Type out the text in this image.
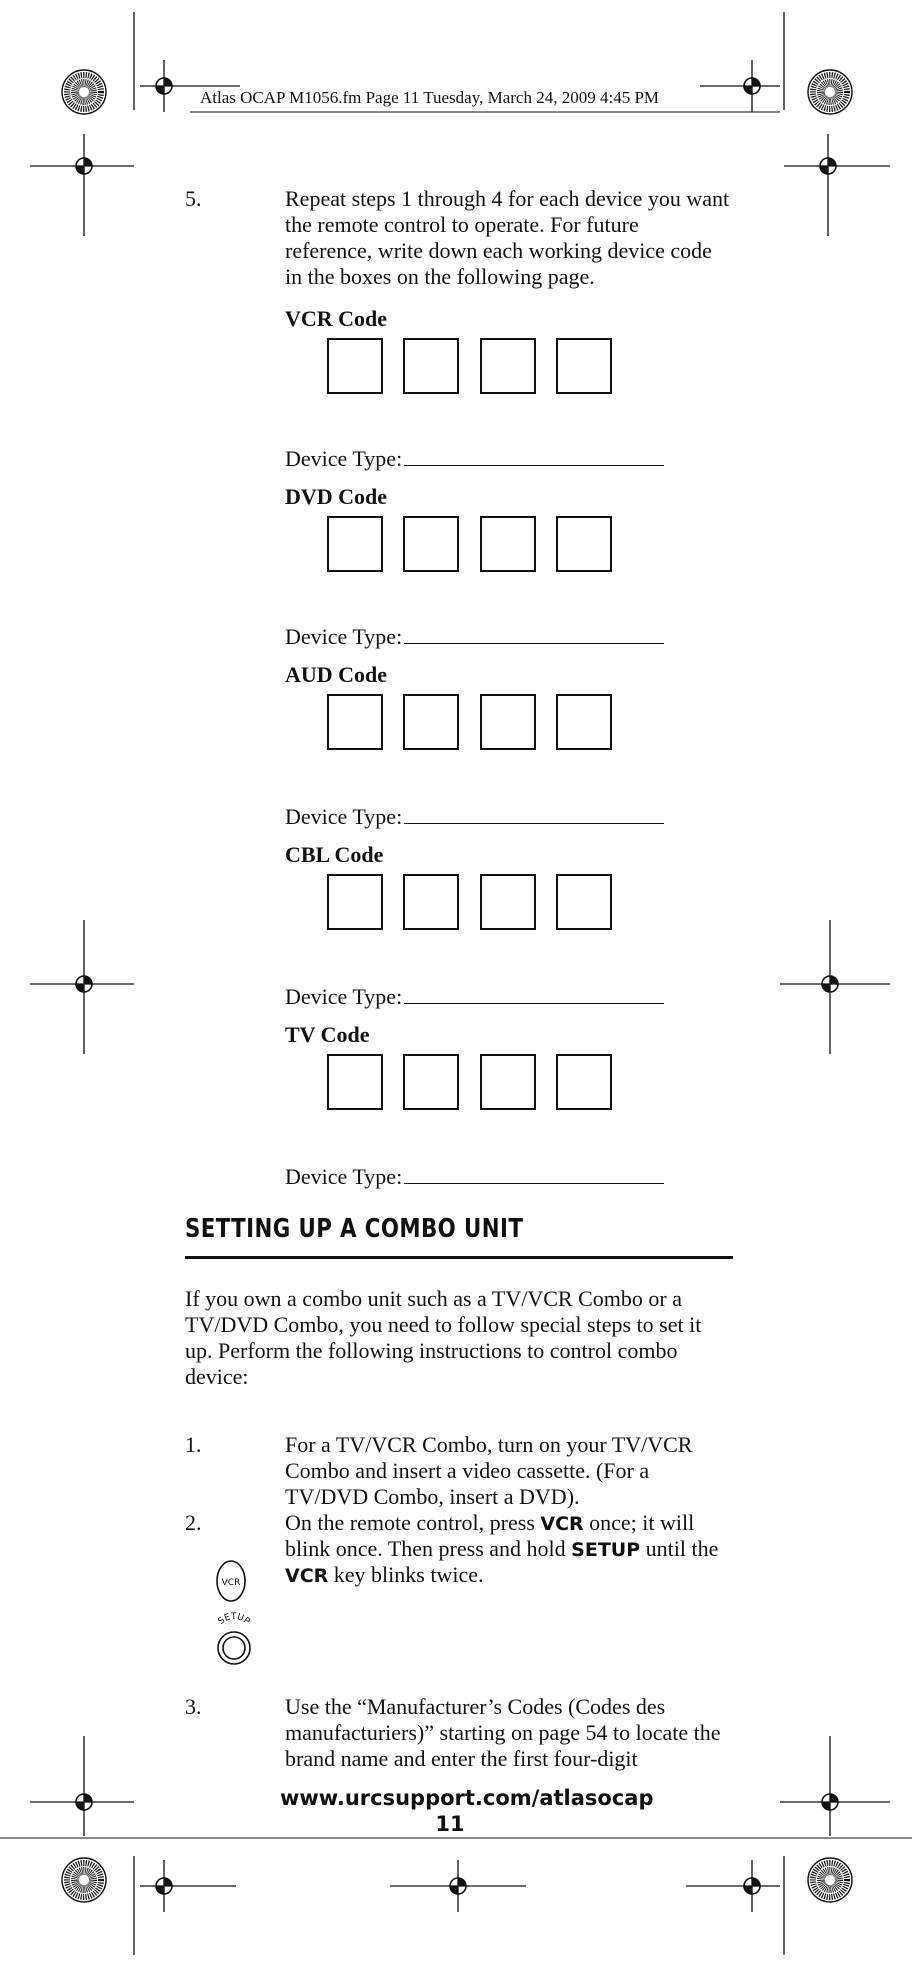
Atlas OCAP M1056.fm Page 11 Tuesday, March 24, 2009 4:45 PM
5.	Repeat steps 1 through 4 for each device you want the remote control to operate. For future reference, write down each working device code in the boxes on the following page.
VCR Code
Device Type:
DVD Code
Device Type:
AUD Code
Device Type:
CBL Code
Device Type:
TV Code
Device Type:
SETTING UP A COMBO UNIT
If you own a combo unit such as a TV/VCR Combo or a TV/DVD Combo, you need to follow special steps to set it up. Perform the following instructions to control combo device:
1.	For a TV/VCR Combo, turn on your TV/VCR Combo and insert a video cassette. (For a TV/DVD Combo, insert a DVD).
2.	On the remote control, press VCR once; it will blink once. Then press and hold SETUP until the VCR key blinks twice.
VCR
SETUP
3.	Use the “Manufacturer’s Codes (Codes des manufacturiers)” starting on page 54 to locate the brand name and enter the first four-digit
www.urcsupport.com/atlasocap
11
